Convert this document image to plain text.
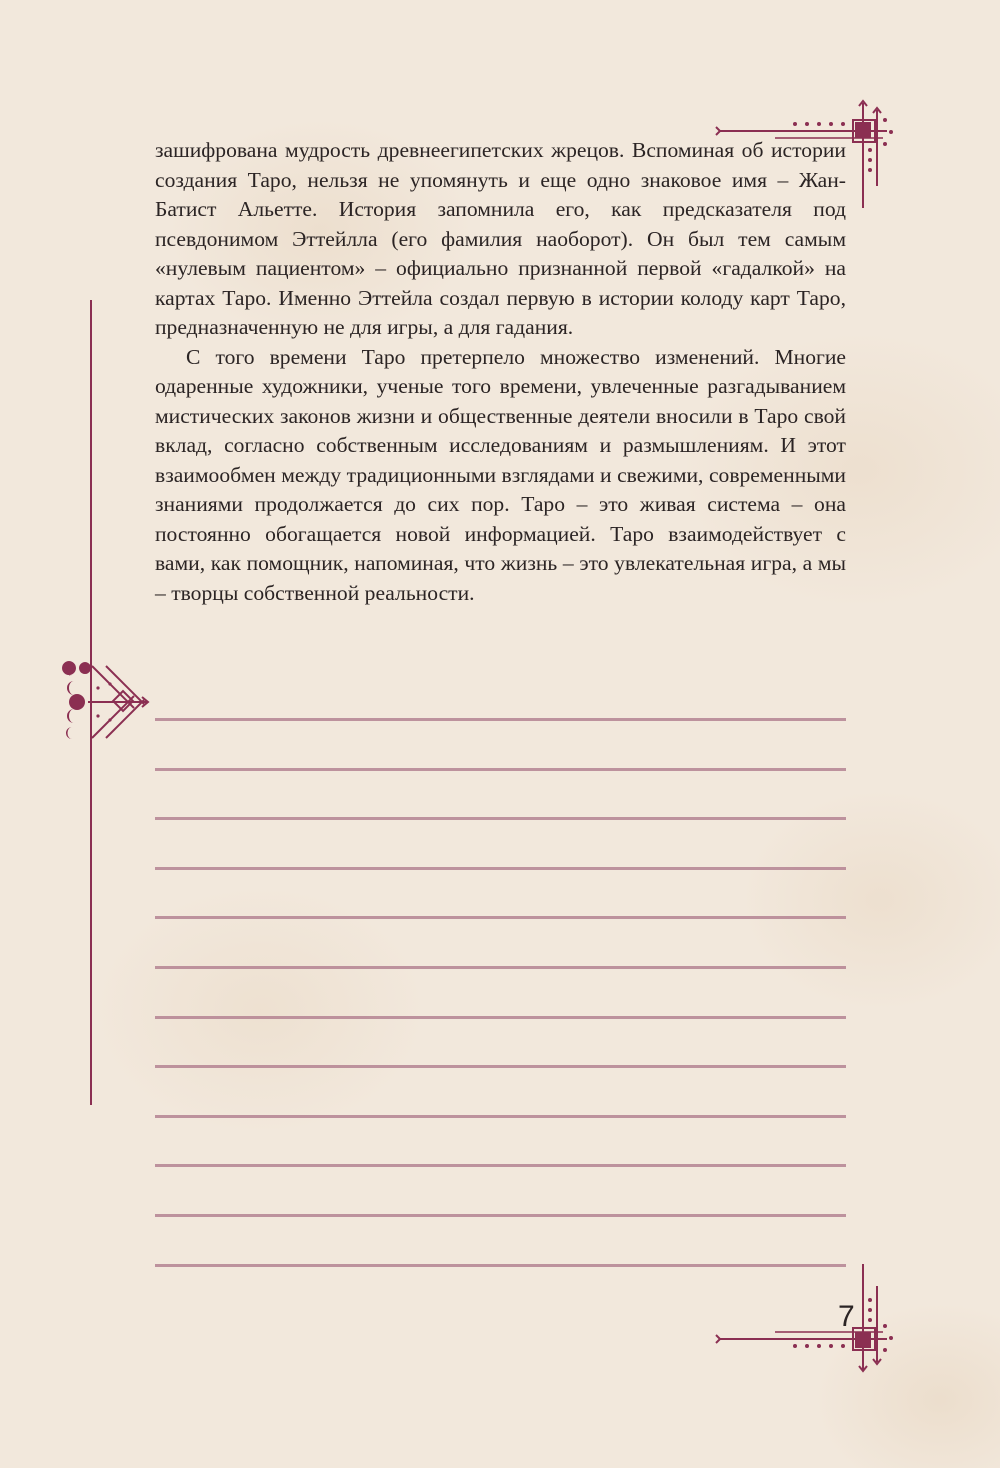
зашифрована мудрость древнеегипетских жрецов. Вспоминая об истории создания Таро, нельзя не упомянуть и еще одно знаковое имя – Жан-Батист Альетте. История запомнила его, как предсказателя под псевдонимом Эттейлла (его фамилия наоборот). Он был тем самым «нулевым пациентом» – официально признанной первой «гадалкой» на картах Таро. Именно Эттейла создал первую в истории колоду карт Таро, предназначенную не для игры, а для гадания.

С того времени Таро претерпело множество изменений. Многие одаренные художники, ученые того времени, увлеченные разгадыванием мистических законов жизни и общественные деятели вносили в Таро свой вклад, согласно собственным исследованиям и размышлениям. И этот взаимообмен между традиционными взглядами и свежими, современными знаниями продолжается до сих пор. Таро – это живая система – она постоянно обогащается новой информацией. Таро взаимодействует с вами, как помощник, напоминая, что жизнь – это увлекательная игра, а мы – творцы собственной реальности.

7
